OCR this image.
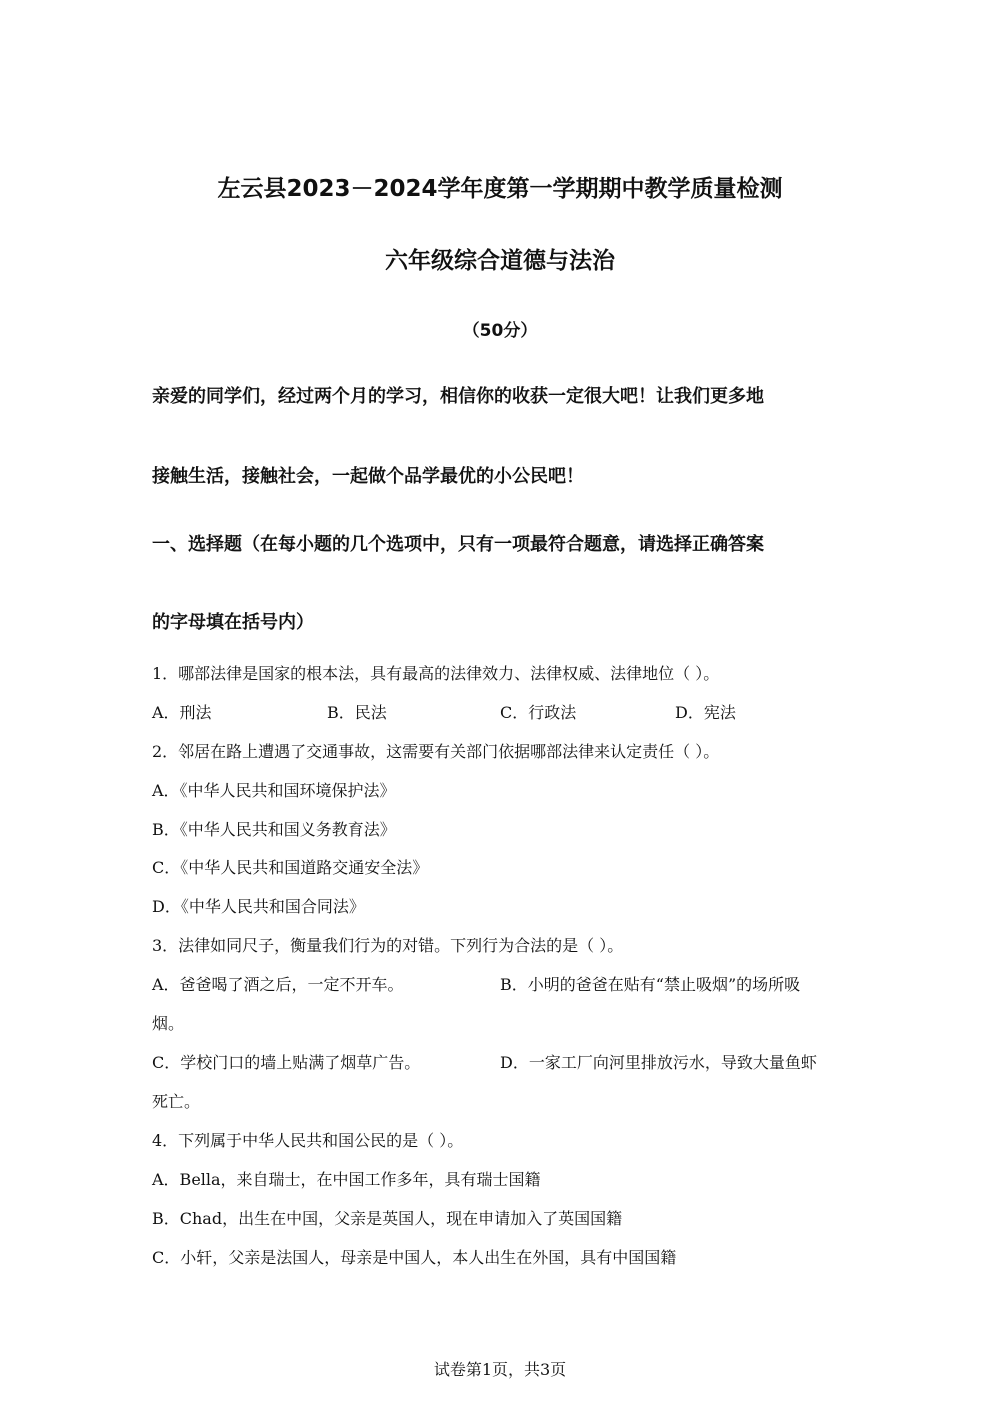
左云县2023－2024学年度第一学期期中教学质量检测
六年级综合道德与法治
（50分）
亲爱的同学们，经过两个月的学习，相信你的收获一定很大吧！让我们更多地
接触生活，接触社会，一起做个品学最优的小公民吧！
一、选择题（在每小题的几个选项中，只有一项最符合题意，请选择正确答案
的字母填在括号内）
1．哪部法律是国家的根本法，具有最高的法律效力、法律权威、法律地位（ ）。
A．刑法	B．民法	C．行政法	D．宪法
2．邻居在路上遭遇了交通事故，这需要有关部门依据哪部法律来认定责任（ ）。
A．《中华人民共和国环境保护法》
B．《中华人民共和国义务教育法》
C．《中华人民共和国道路交通安全法》
D．《中华人民共和国合同法》
3．法律如同尺子，衡量我们行为的对错。下列行为合法的是（ ）。
A．爸爸喝了酒之后，一定不开车。	B．小明的爸爸在贴有“禁止吸烟”的场所吸
烟。
C．学校门口的墙上贴满了烟草广告。	D．一家工厂向河里排放污水，导致大量鱼虾
死亡。
4．下列属于中华人民共和国公民的是（ ）。
A．Bella，来自瑞士，在中国工作多年，具有瑞士国籍
B．Chad，出生在中国，父亲是英国人，现在申请加入了英国国籍
C．小轩，父亲是法国人，母亲是中国人，本人出生在外国，具有中国国籍
试卷第1页，共3页
